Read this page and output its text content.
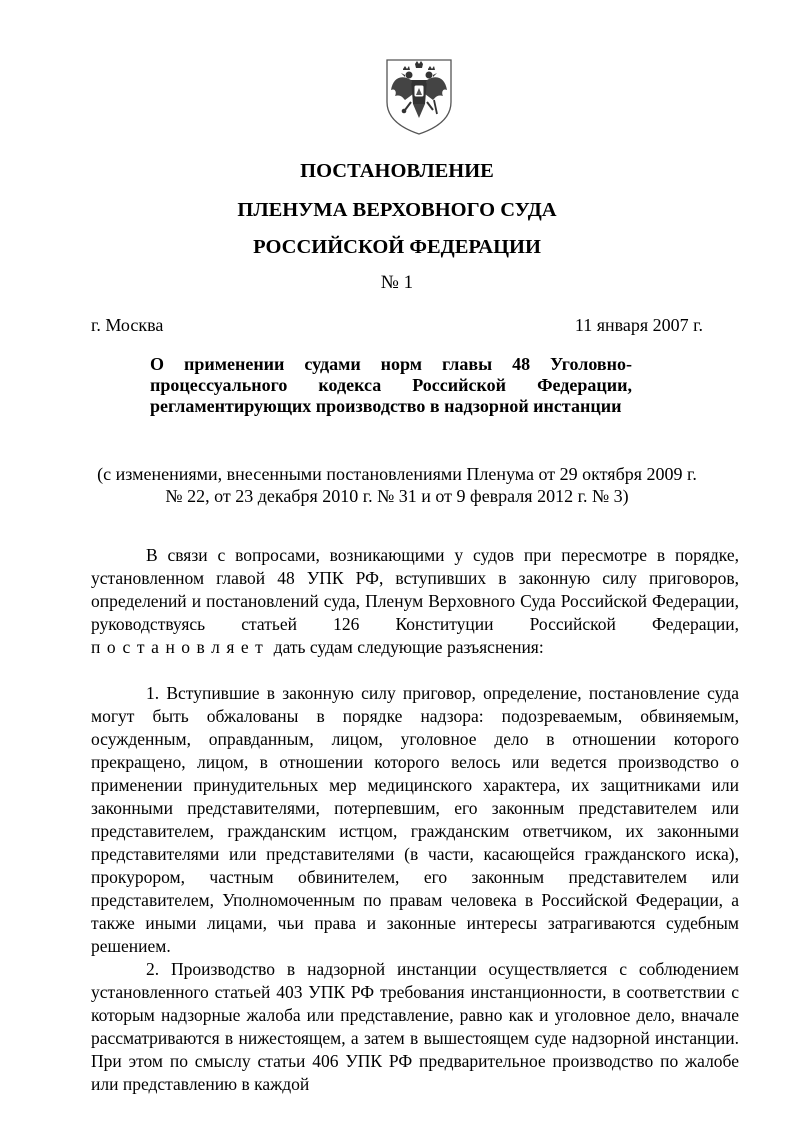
ПОСТАНОВЛЕНИЕ
ПЛЕНУМА ВЕРХОВНОГО СУДА
РОССИЙСКОЙ ФЕДЕРАЦИИ

№ 1

г. Москва	11 января 2007 г.

О применении судами норм главы 48 Уголовно-процессуального кодекса Российской Федерации, регламентирующих производство в надзорной инстанции

(с изменениями, внесенными постановлениями Пленума от 29 октября 2009 г.
№ 22, от 23 декабря 2010 г. № 31 и от 9 февраля 2012 г. № 3)

В связи с вопросами, возникающими у судов при пересмотре в порядке, установленном главой 48 УПК РФ, вступивших в законную силу приговоров, определений и постановлений суда, Пленум Верховного Суда Российской Федерации, руководствуясь статьей 126 Конституции Российской Федерации, постановляет дать судам следующие разъяснения:

1. Вступившие в законную силу приговор, определение, постановление суда могут быть обжалованы в порядке надзора: подозреваемым, обвиняемым, осужденным, оправданным, лицом, уголовное дело в отношении которого прекращено, лицом, в отношении которого велось или ведется производство о применении принудительных мер медицинского характера, их защитниками или законными представителями, потерпевшим, его законным представителем или представителем, гражданским истцом, гражданским ответчиком, их законными представителями или представителями (в части, касающейся гражданского иска), прокурором, частным обвинителем, его законным представителем или представителем, Уполномоченным по правам человека в Российской Федерации, а также иными лицами, чьи права и законные интересы затрагиваются судебным решением.

2. Производство в надзорной инстанции осуществляется с соблюдением установленного статьей 403 УПК РФ требования инстанционности, в соответствии с которым надзорные жалоба или представление, равно как и уголовное дело, вначале рассматриваются в нижестоящем, а затем в вышестоящем суде надзорной инстанции. При этом по смыслу статьи 406 УПК РФ предварительное производство по жалобе или представлению в каждой
